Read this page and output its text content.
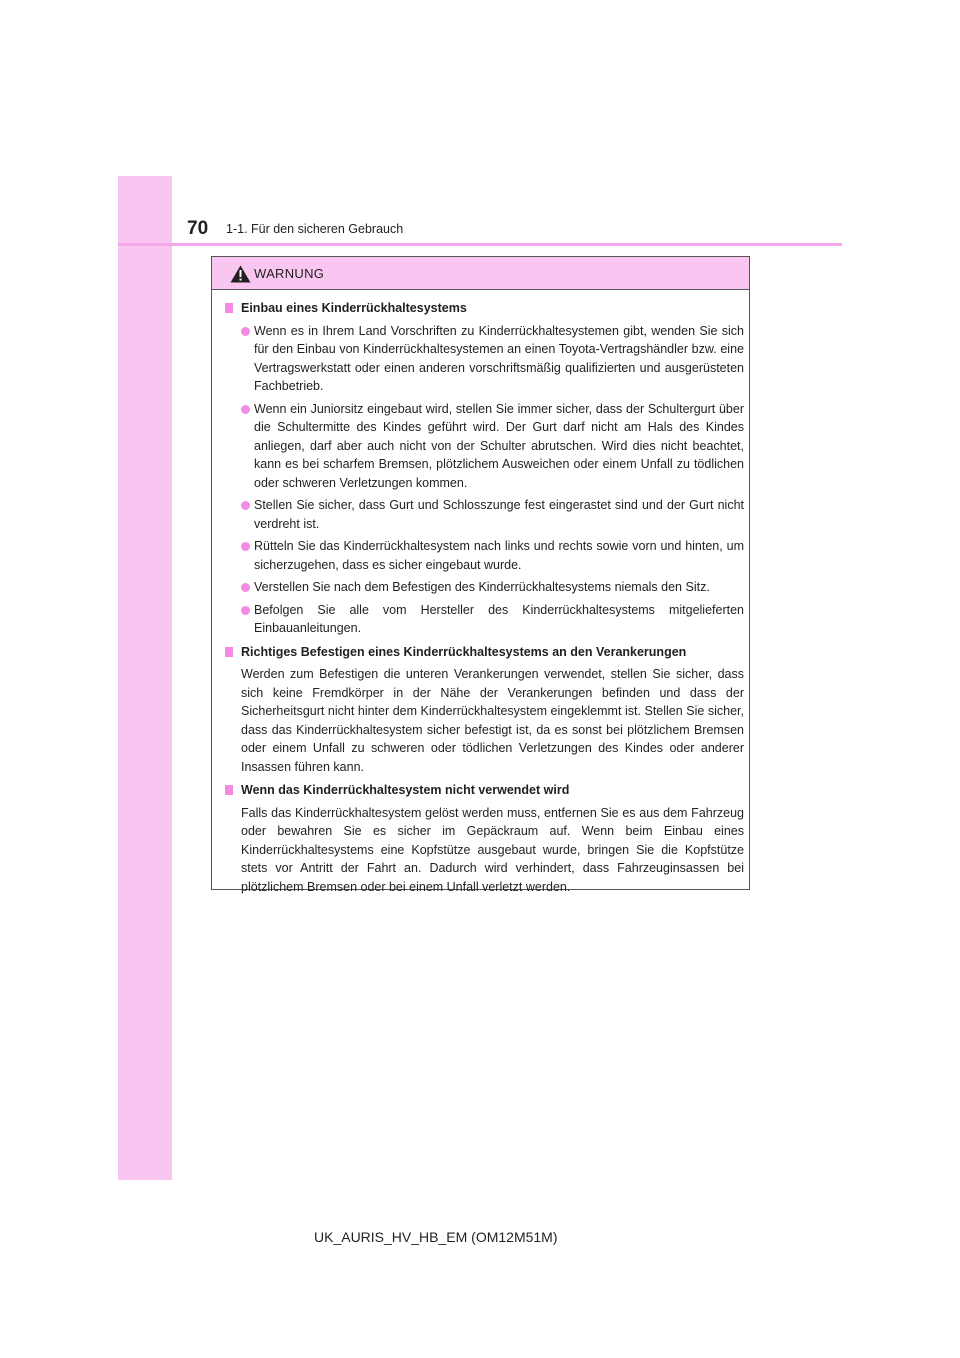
70 1-1. Für den sicheren Gebrauch
WARNUNG
Einbau eines Kinderrückhaltesystems
Wenn es in Ihrem Land Vorschriften zu Kinderrückhaltesystemen gibt, wenden Sie sich für den Einbau von Kinderrückhaltesystemen an einen Toyota-Vertragshändler bzw. eine Vertragswerkstatt oder einen anderen vorschriftsmäßig qualifizierten und ausgerüsteten Fachbetrieb.
Wenn ein Juniorsitz eingebaut wird, stellen Sie immer sicher, dass der Schultergurt über die Schultermitte des Kindes geführt wird. Der Gurt darf nicht am Hals des Kindes anliegen, darf aber auch nicht von der Schulter abrutschen. Wird dies nicht beachtet, kann es bei scharfem Bremsen, plötzlichem Ausweichen oder einem Unfall zu tödlichen oder schweren Verletzungen kommen.
Stellen Sie sicher, dass Gurt und Schlosszunge fest eingerastet sind und der Gurt nicht verdreht ist.
Rütteln Sie das Kinderrückhaltesystem nach links und rechts sowie vorn und hinten, um sicherzugehen, dass es sicher eingebaut wurde.
Verstellen Sie nach dem Befestigen des Kinderrückhaltesystems niemals den Sitz.
Befolgen Sie alle vom Hersteller des Kinderrückhaltesystems mitgelieferten Einbauanleitungen.
Richtiges Befestigen eines Kinderrückhaltesystems an den Verankerungen
Werden zum Befestigen die unteren Verankerungen verwendet, stellen Sie sicher, dass sich keine Fremdkörper in der Nähe der Verankerungen befinden und dass der Sicherheitsgurt nicht hinter dem Kinderrückhaltesystem eingeklemmt ist. Stellen Sie sicher, dass das Kinderrückhaltesystem sicher befestigt ist, da es sonst bei plötzlichem Bremsen oder einem Unfall zu schweren oder tödlichen Verletzungen des Kindes oder anderer Insassen führen kann.
Wenn das Kinderrückhaltesystem nicht verwendet wird
Falls das Kinderrückhaltesystem gelöst werden muss, entfernen Sie es aus dem Fahrzeug oder bewahren Sie es sicher im Gepäckraum auf. Wenn beim Einbau eines Kinderrückhaltesystems eine Kopfstütze ausgebaut wurde, bringen Sie die Kopfstütze stets vor Antritt der Fahrt an. Dadurch wird verhindert, dass Fahrzeuginsassen bei plötzlichem Bremsen oder bei einem Unfall verletzt werden.
UK_AURIS_HV_HB_EM (OM12M51M)
